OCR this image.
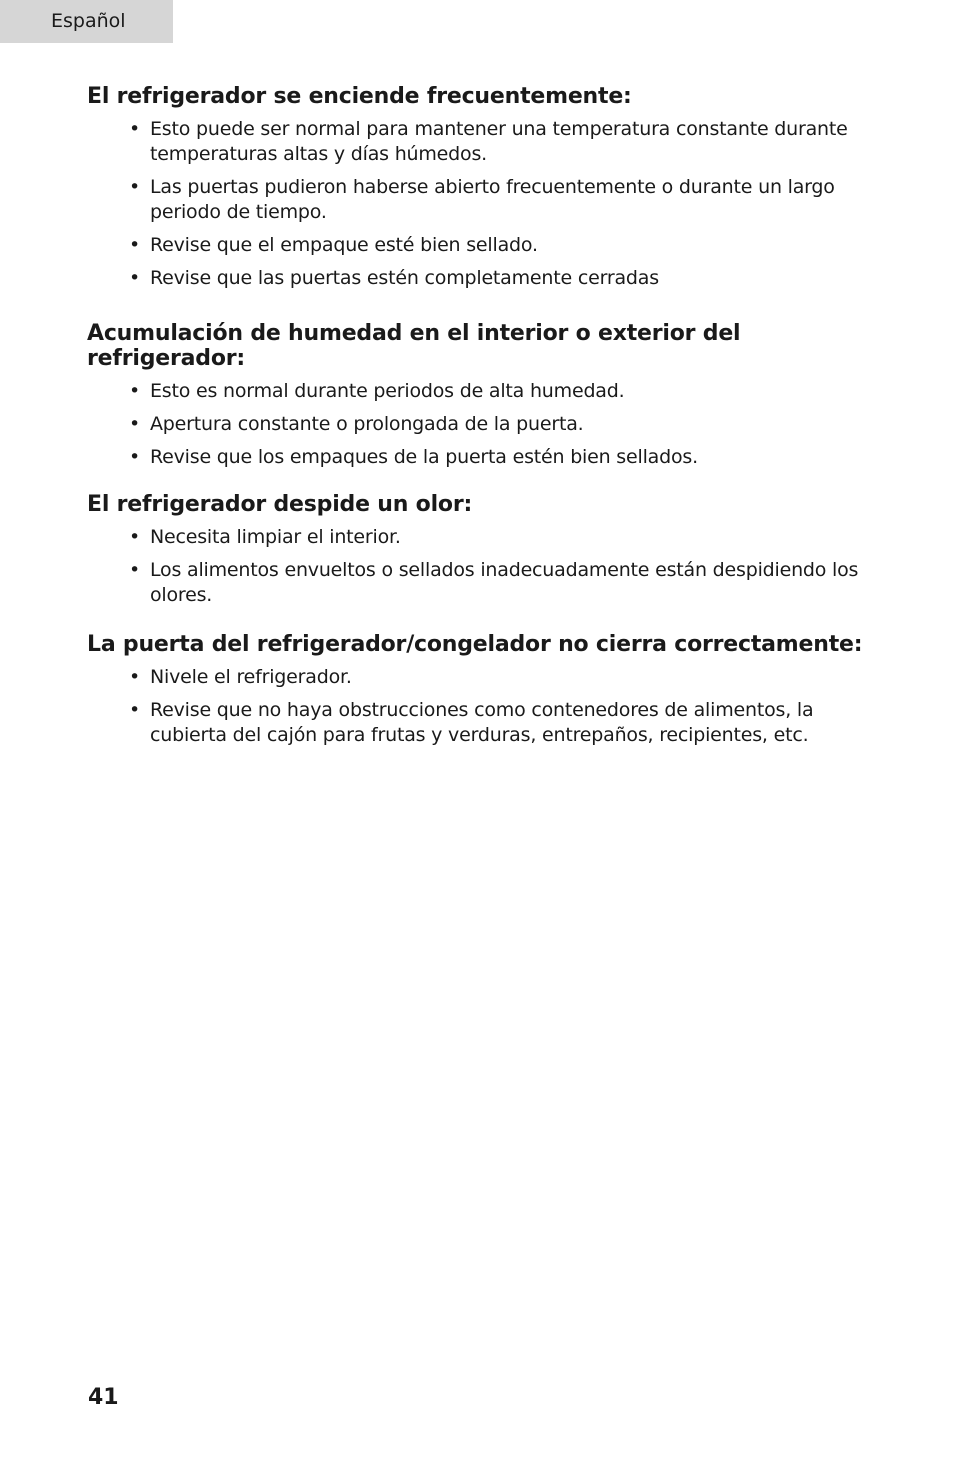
Español
El refrigerador se enciende frecuentemente:
• Esto puede ser normal para mantener una temperatura constante durante temperaturas altas y días húmedos.
• Las puertas pudieron haberse abierto frecuentemente o durante un largo periodo de tiempo.
• Revise que el empaque esté bien sellado.
• Revise que las puertas estén completamente cerradas
Acumulación de humedad en el interior o exterior del refrigerador:
• Esto es normal durante periodos de alta humedad.
• Apertura constante o prolongada de la puerta.
• Revise que los empaques de la puerta estén bien sellados.
El refrigerador despide un olor:
• Necesita limpiar el interior.
• Los alimentos envueltos o sellados inadecuadamente están despidiendo los olores.
La puerta del refrigerador/congelador no cierra correctamente:
• Nivele el refrigerador.
• Revise que no haya obstrucciones como contenedores de alimentos, la cubierta del cajón para frutas y verduras, entrepaños, recipientes, etc.
41
